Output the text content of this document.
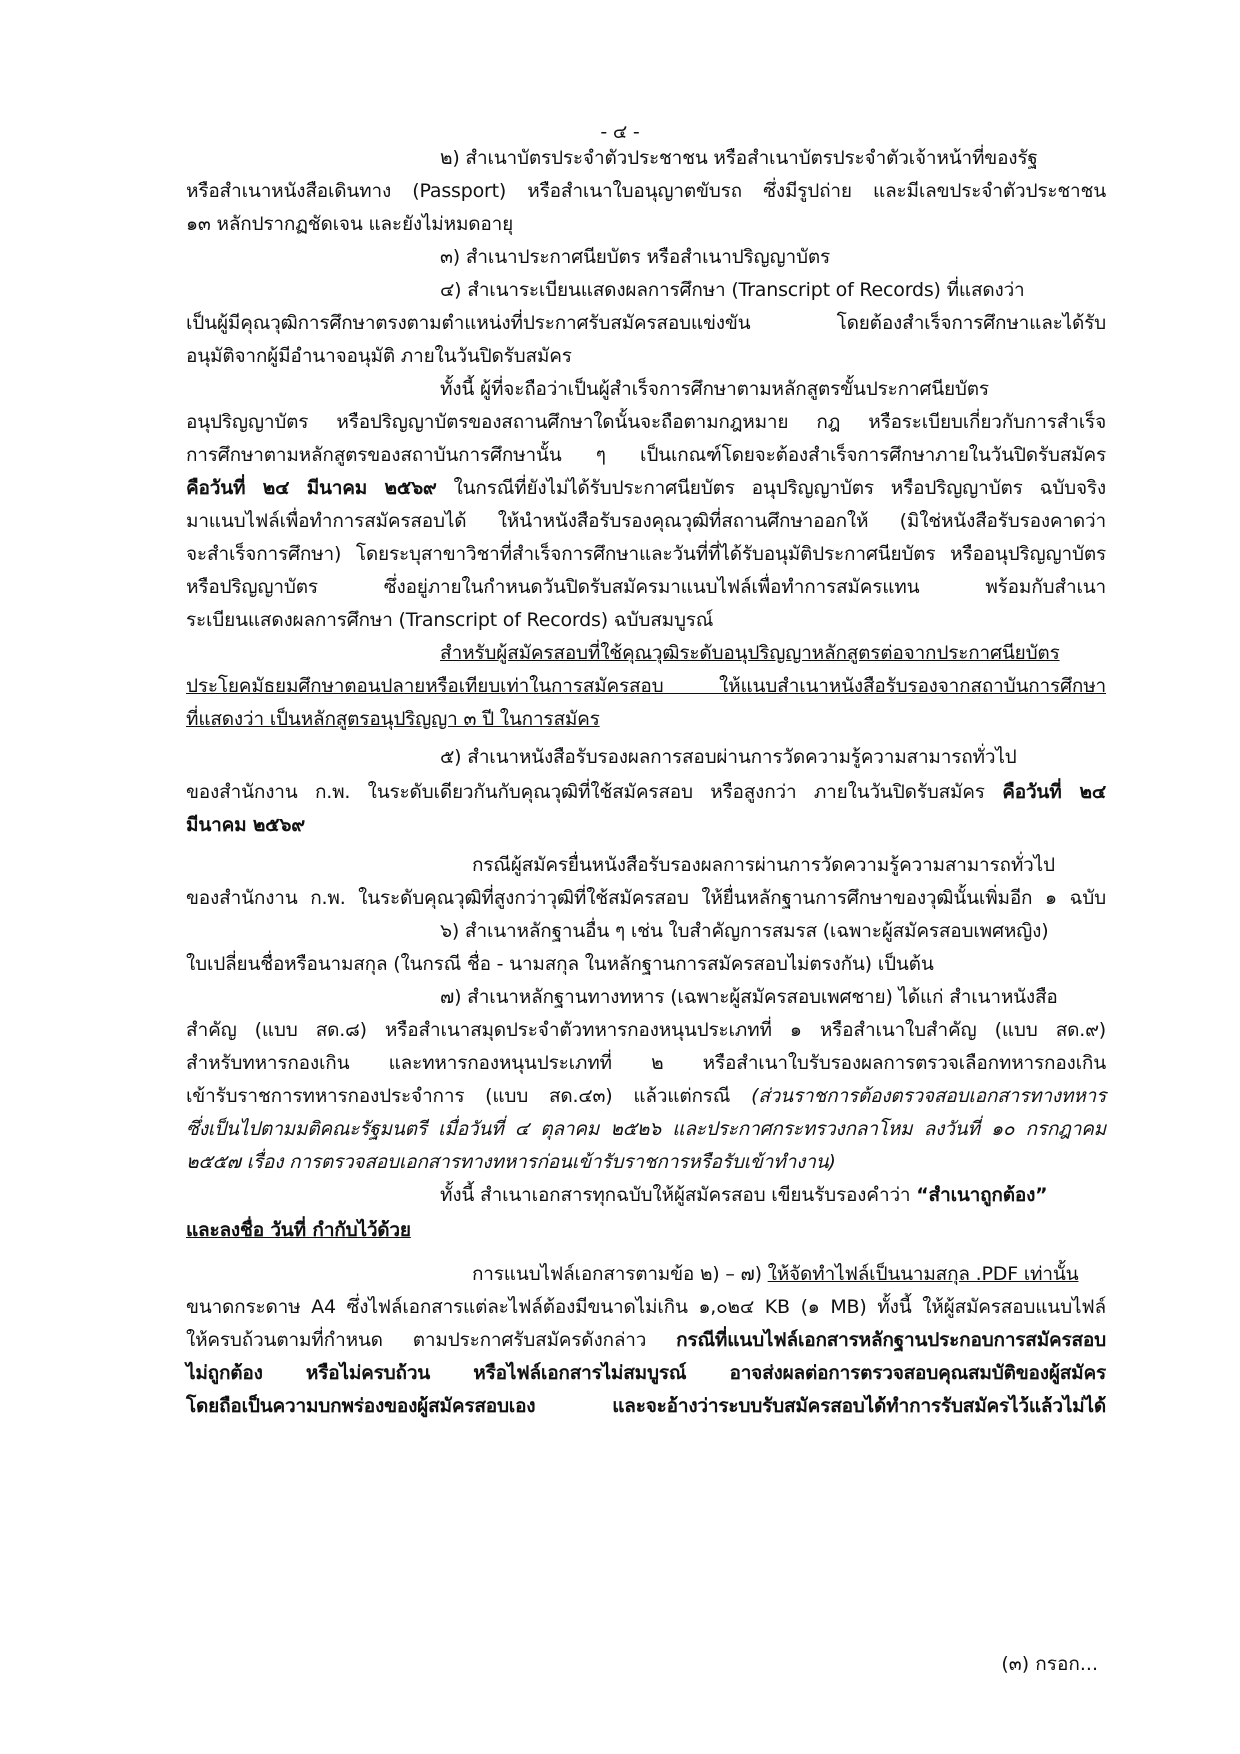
- ๔ -
๒) สำเนาบัตรประจำตัวประชาชน หรือสำเนาบัตรประจำตัวเจ้าหน้าที่ของรัฐ
หรือสำเนาหนังสือเดินทาง (Passport) หรือสำเนาใบอนุญาตขับรถ ซึ่งมีรูปถ่าย และมีเลขประจำตัวประชาชน
๑๓ หลักปรากฏชัดเจน และยังไม่หมดอายุ
๓) สำเนาประกาศนียบัตร หรือสำเนาปริญญาบัตร
๔) สำเนาระเบียนแสดงผลการศึกษา (Transcript of Records) ที่แสดงว่า
เป็นผู้มีคุณวุฒิการศึกษาตรงตามตำแหน่งที่ประกาศรับสมัครสอบแข่งขัน โดยต้องสำเร็จการศึกษาและได้รับ
อนุมัติจากผู้มีอำนาจอนุมัติ ภายในวันปิดรับสมัคร
ทั้งนี้ ผู้ที่จะถือว่าเป็นผู้สำเร็จการศึกษาตามหลักสูตรขั้นประกาศนียบัตร
อนุปริญญาบัตร หรือปริญญาบัตรของสถานศึกษาใดนั้นจะถือตามกฎหมาย กฎ หรือระเบียบเกี่ยวกับการสำเร็จ
การศึกษาตามหลักสูตรของสถาบันการศึกษานั้น ๆ เป็นเกณฑ์โดยจะต้องสำเร็จการศึกษาภายในวันปิดรับสมัคร
คือวันที่ ๒๔ มีนาคม ๒๕๖๙ ในกรณีที่ยังไม่ได้รับประกาศนียบัตร อนุปริญญาบัตร หรือปริญญาบัตร ฉบับจริง
มาแนบไฟล์เพื่อทำการสมัครสอบได้ ให้นำหนังสือรับรองคุณวุฒิที่สถานศึกษาออกให้ (มิใช่หนังสือรับรองคาดว่า
จะสำเร็จการศึกษา) โดยระบุสาขาวิชาที่สำเร็จการศึกษาและวันที่ที่ได้รับอนุมัติประกาศนียบัตร หรืออนุปริญญาบัตร
หรือปริญญาบัตร ซึ่งอยู่ภายในกำหนดวันปิดรับสมัครมาแนบไฟล์เพื่อทำการสมัครแทน พร้อมกับสำเนา
ระเบียนแสดงผลการศึกษา (Transcript of Records) ฉบับสมบูรณ์
สำหรับผู้สมัครสอบที่ใช้คุณวุฒิระดับอนุปริญญาหลักสูตรต่อจากประกาศนียบัตร
ประโยคมัธยมศึกษาตอนปลายหรือเทียบเท่าในการสมัครสอบ ให้แนบสำเนาหนังสือรับรองจากสถาบันการศึกษา
ที่แสดงว่า เป็นหลักสูตรอนุปริญญา ๓ ปี ในการสมัคร
๕) สำเนาหนังสือรับรองผลการสอบผ่านการวัดความรู้ความสามารถทั่วไป
ของสำนักงาน ก.พ. ในระดับเดียวกันกับคุณวุฒิที่ใช้สมัครสอบ หรือสูงกว่า ภายในวันปิดรับสมัคร คือวันที่ ๒๔
มีนาคม ๒๕๖๙
กรณีผู้สมัครยื่นหนังสือรับรองผลการผ่านการวัดความรู้ความสามารถทั่วไป
ของสำนักงาน ก.พ. ในระดับคุณวุฒิที่สูงกว่าวุฒิที่ใช้สมัครสอบ ให้ยื่นหลักฐานการศึกษาของวุฒินั้นเพิ่มอีก ๑ ฉบับ
๖) สำเนาหลักฐานอื่น ๆ เช่น ใบสำคัญการสมรส (เฉพาะผู้สมัครสอบเพศหญิง)
ใบเปลี่ยนชื่อหรือนามสกุล (ในกรณี ชื่อ - นามสกุล ในหลักฐานการสมัครสอบไม่ตรงกัน) เป็นต้น
๗) สำเนาหลักฐานทางทหาร (เฉพาะผู้สมัครสอบเพศชาย) ได้แก่ สำเนาหนังสือ
สำคัญ (แบบ สด.๘) หรือสำเนาสมุดประจำตัวทหารกองหนุนประเภทที่ ๑ หรือสำเนาใบสำคัญ (แบบ สด.๙)
สำหรับทหารกองเกิน และทหารกองหนุนประเภทที่ ๒ หรือสำเนาใบรับรองผลการตรวจเลือกทหารกองเกิน
เข้ารับราชการทหารกองประจำการ (แบบ สด.๔๓) แล้วแต่กรณี (ส่วนราชการต้องตรวจสอบเอกสารทางทหาร
ซึ่งเป็นไปตามมติคณะรัฐมนตรี เมื่อวันที่ ๔ ตุลาคม ๒๕๒๖ และประกาศกระทรวงกลาโหม ลงวันที่ ๑๐ กรกฎาคม
๒๕๕๗ เรื่อง การตรวจสอบเอกสารทางทหารก่อนเข้ารับราชการหรือรับเข้าทำงาน)
ทั้งนี้ สำเนาเอกสารทุกฉบับให้ผู้สมัครสอบ เขียนรับรองคำว่า “สำเนาถูกต้อง”
และลงชื่อ วันที่ กำกับไว้ด้วย
การแนบไฟล์เอกสารตามข้อ ๒) – ๗) ให้จัดทำไฟล์เป็นนามสกุล .PDF เท่านั้น
ขนาดกระดาษ A4 ซึ่งไฟล์เอกสารแต่ละไฟล์ต้องมีขนาดไม่เกิน ๑,๐๒๔ KB (๑ MB) ทั้งนี้ ให้ผู้สมัครสอบแนบไฟล์
ให้ครบถ้วนตามที่กำหนด ตามประกาศรับสมัครดังกล่าว กรณีที่แนบไฟล์เอกสารหลักฐานประกอบการสมัครสอบ
ไม่ถูกต้อง หรือไม่ครบถ้วน หรือไฟล์เอกสารไม่สมบูรณ์ อาจส่งผลต่อการตรวจสอบคุณสมบัติของผู้สมัคร
โดยถือเป็นความบกพร่องของผู้สมัครสอบเอง และจะอ้างว่าระบบรับสมัครสอบได้ทำการรับสมัครไว้แล้วไม่ได้
(๓) กรอก...
